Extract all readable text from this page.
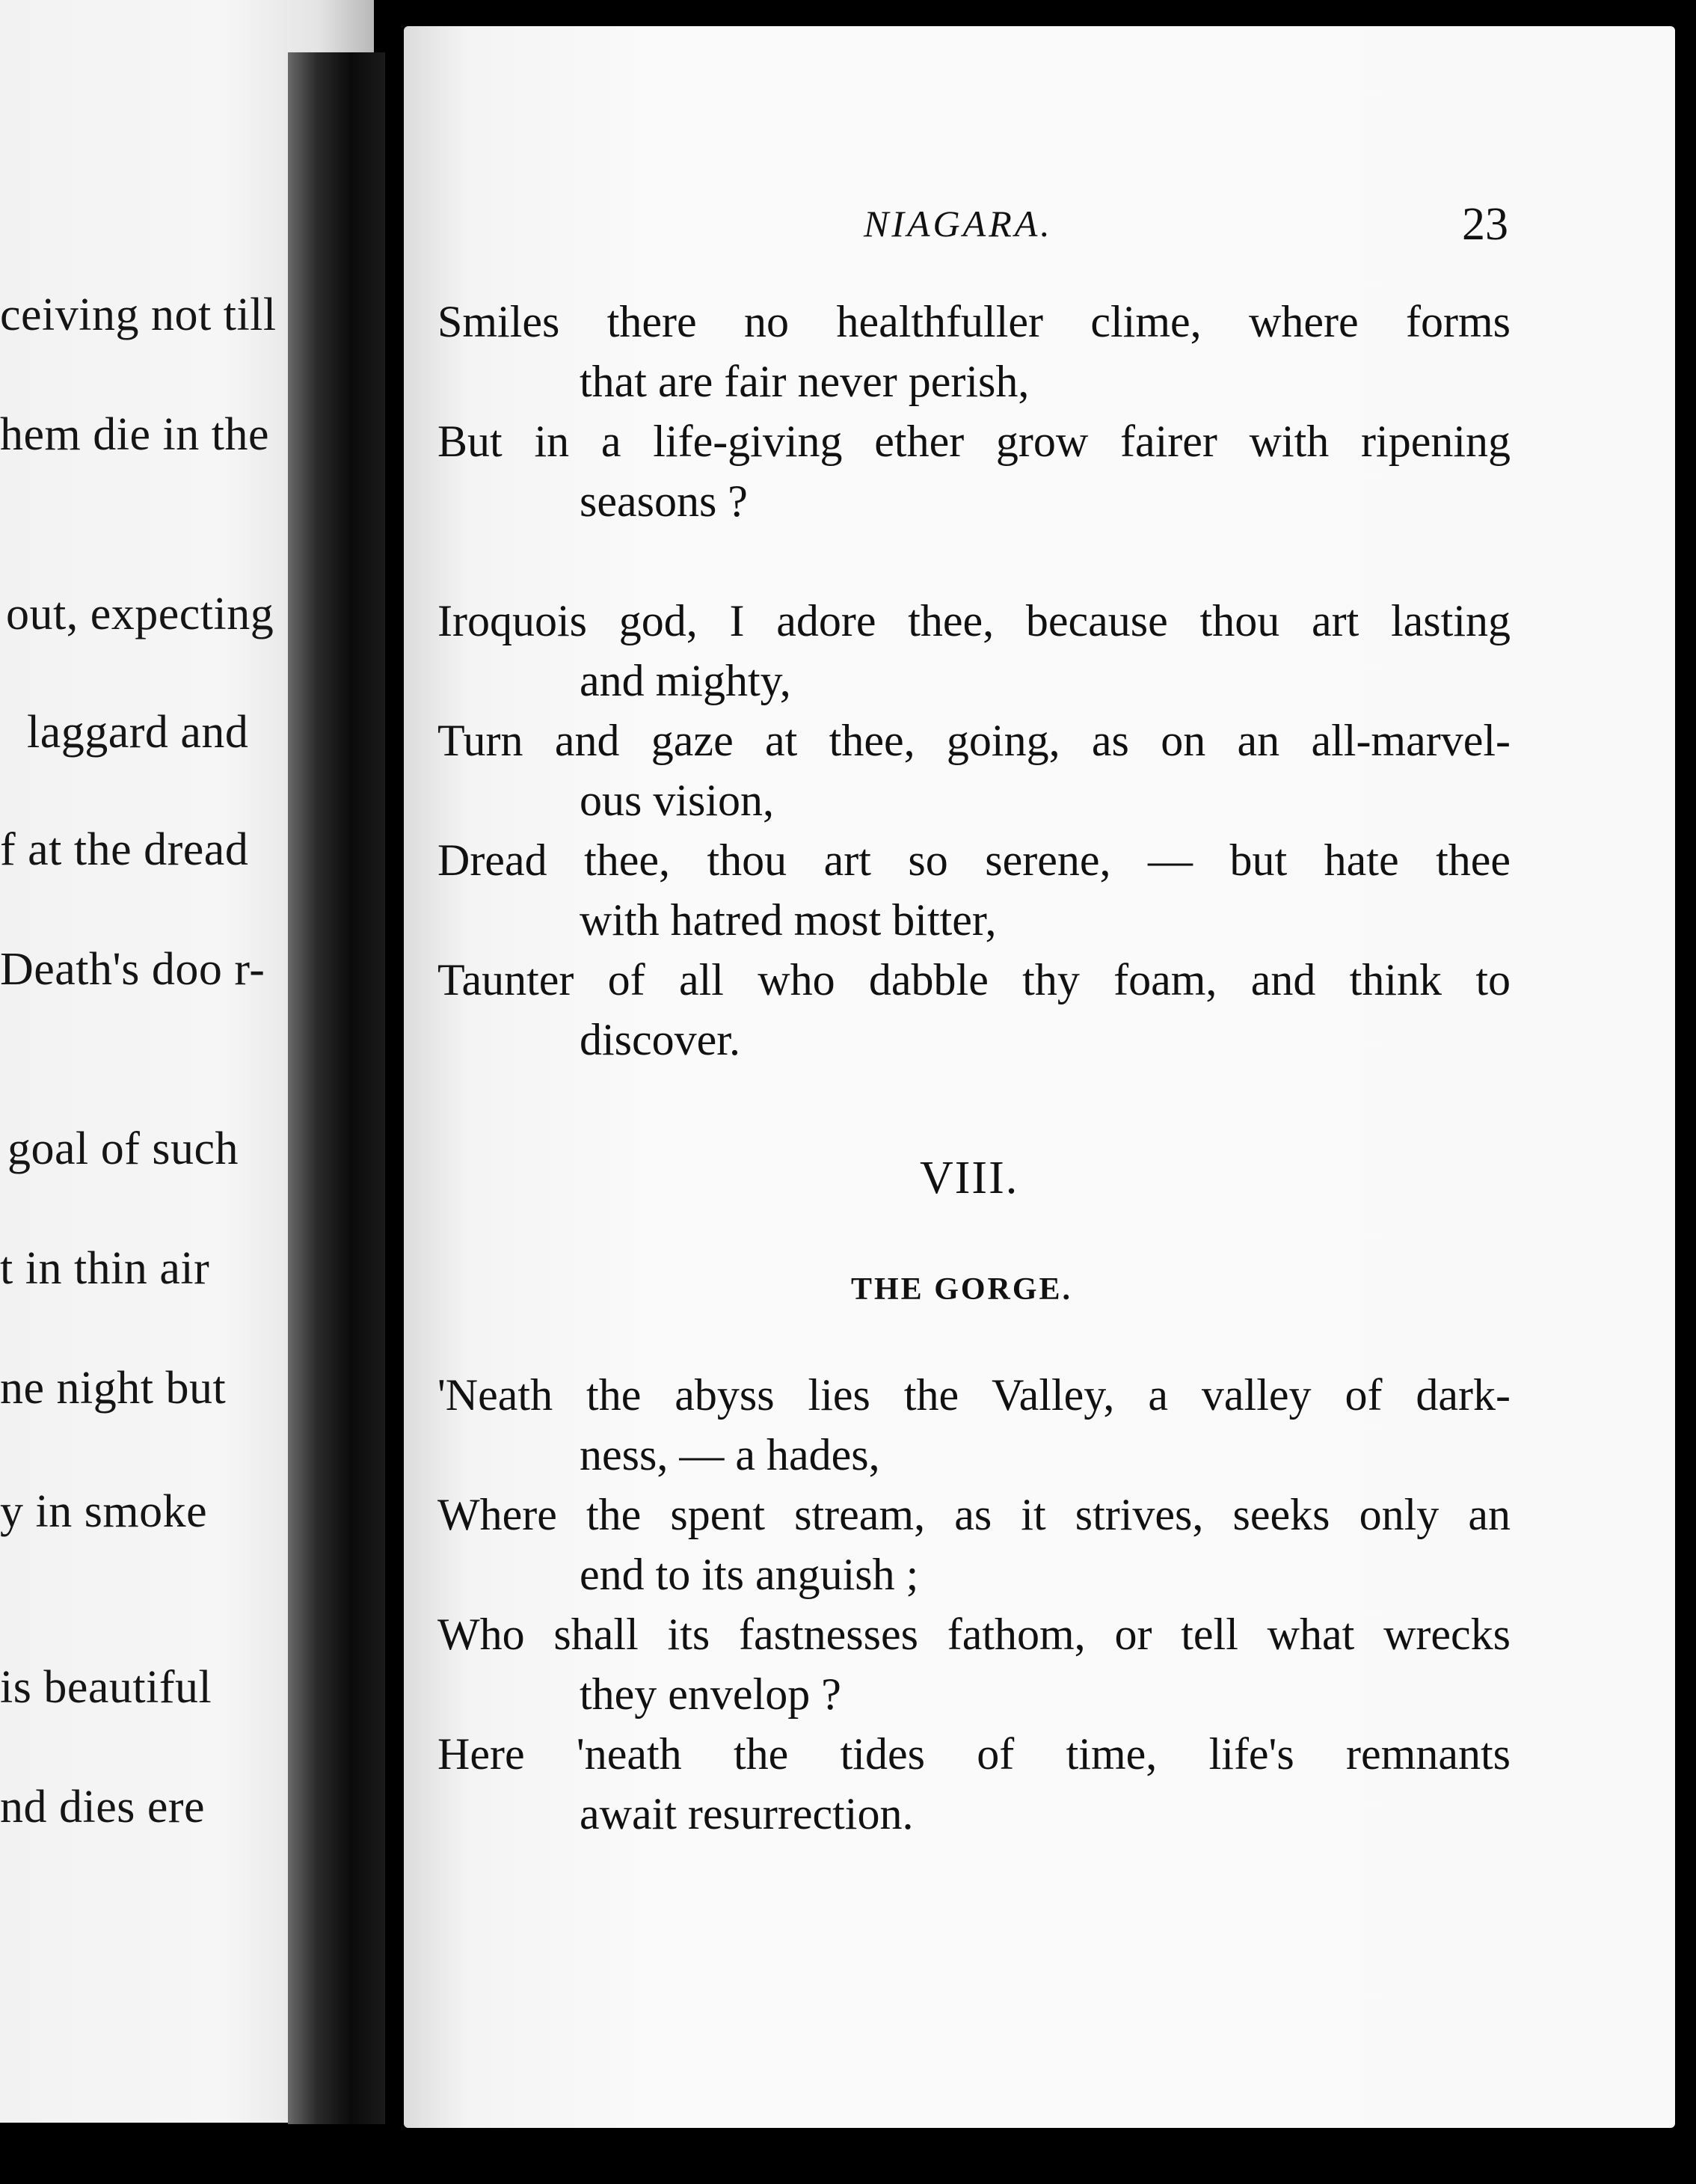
ceiving not till
hem die in the
out, expecting
laggard and
f at the dread
Death's doo r-
goal of such
t in thin air
ne night but
y in smoke
is beautiful
nd dies ere
NIAGARA.	23
Smiles there no healthfuller clime, where forms
that are fair never perish,
But in a life-giving ether grow fairer with ripening
seasons ?
Iroquois god, I adore thee, because thou art lasting
and mighty,
Turn and gaze at thee, going, as on an all-marvel-
ous vision,
Dread thee, thou art so serene, — but hate thee
with hatred most bitter,
Taunter of all who dabble thy foam, and think to
discover.
VIII.
THE GORGE.
'Neath the abyss lies the Valley, a valley of dark-
ness, — a hades,
Where the spent stream, as it strives, seeks only an
end to its anguish ;
Who shall its fastnesses fathom, or tell what wrecks
they envelop ?
Here 'neath the tides of time, life's remnants
await resurrection.
